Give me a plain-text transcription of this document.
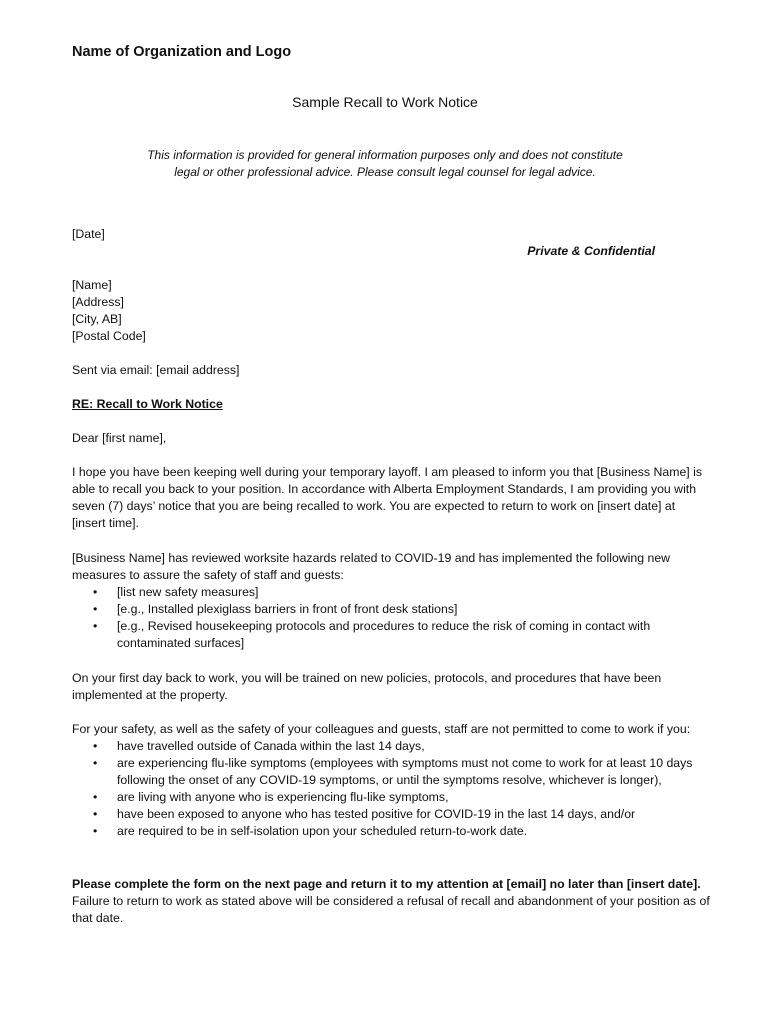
Name of Organization and Logo
Sample Recall to Work Notice
This information is provided for general information purposes only and does not constitute
legal or other professional advice. Please consult legal counsel for legal advice.
[Date]
Private & Confidential
[Name]
[Address]
[City, AB]
[Postal Code]
Sent via email: [email address]
RE: Recall to Work Notice
Dear [first name],
I hope you have been keeping well during your temporary layoff. I am pleased to inform you that [Business Name] is able to recall you back to your position. In accordance with Alberta Employment Standards, I am providing you with seven (7) days’ notice that you are being recalled to work. You are expected to return to work on [insert date] at [insert time].
[Business Name] has reviewed worksite hazards related to COVID-19 and has implemented the following new measures to assure the safety of staff and guests:
• [list new safety measures]
• [e.g., Installed plexiglass barriers in front of front desk stations]
• [e.g., Revised housekeeping protocols and procedures to reduce the risk of coming in contact with contaminated surfaces]
On your first day back to work, you will be trained on new policies, protocols, and procedures that have been implemented at the property.
For your safety, as well as the safety of your colleagues and guests, staff are not permitted to come to work if you:
• have travelled outside of Canada within the last 14 days,
• are experiencing flu-like symptoms (employees with symptoms must not come to work for at least 10 days following the onset of any COVID-19 symptoms, or until the symptoms resolve, whichever is longer),
• are living with anyone who is experiencing flu-like symptoms,
• have been exposed to anyone who has tested positive for COVID-19 in the last 14 days, and/or
• are required to be in self-isolation upon your scheduled return-to-work date.
Please complete the form on the next page and return it to my attention at [email] no later than [insert date]. Failure to return to work as stated above will be considered a refusal of recall and abandonment of your position as of that date.
